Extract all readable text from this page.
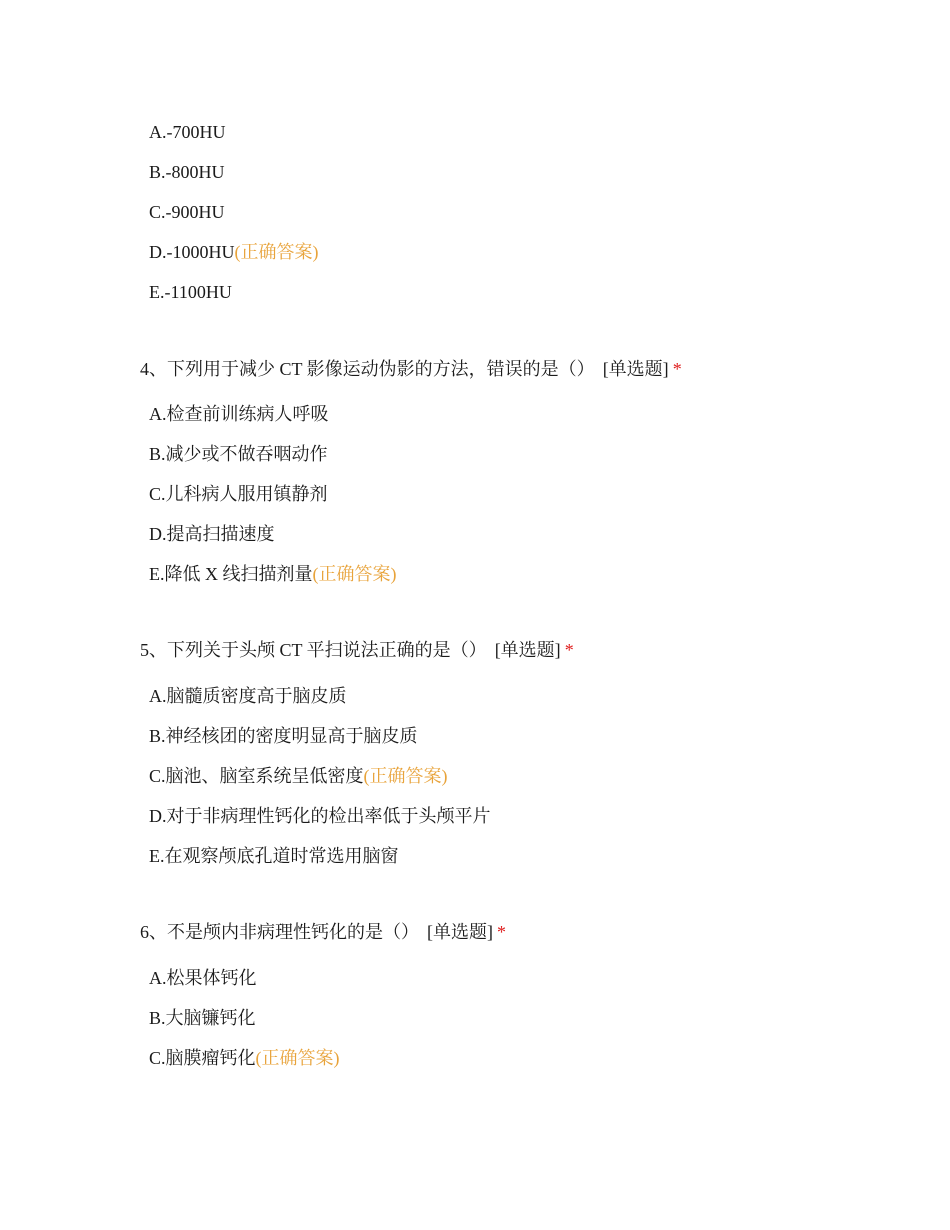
A.-700HU
B.-800HU
C.-900HU
D.-1000HU(正确答案)
E.-1100HU
4、下列用于减少 CT 影像运动伪影的方法，错误的是（） [单选题] *
A.检查前训练病人呼吸
B.减少或不做吞咽动作
C.儿科病人服用镇静剂
D.提高扫描速度
E.降低 X 线扫描剂量(正确答案)
5、下列关于头颅 CT 平扫说法正确的是（） [单选题] *
A.脑髓质密度高于脑皮质
B.神经核团的密度明显高于脑皮质
C.脑池、脑室系统呈低密度(正确答案)
D.对于非病理性钙化的检出率低于头颅平片
E.在观察颅底孔道时常选用脑窗
6、不是颅内非病理性钙化的是（） [单选题] *
A.松果体钙化
B.大脑镰钙化
C.脑膜瘤钙化(正确答案)
